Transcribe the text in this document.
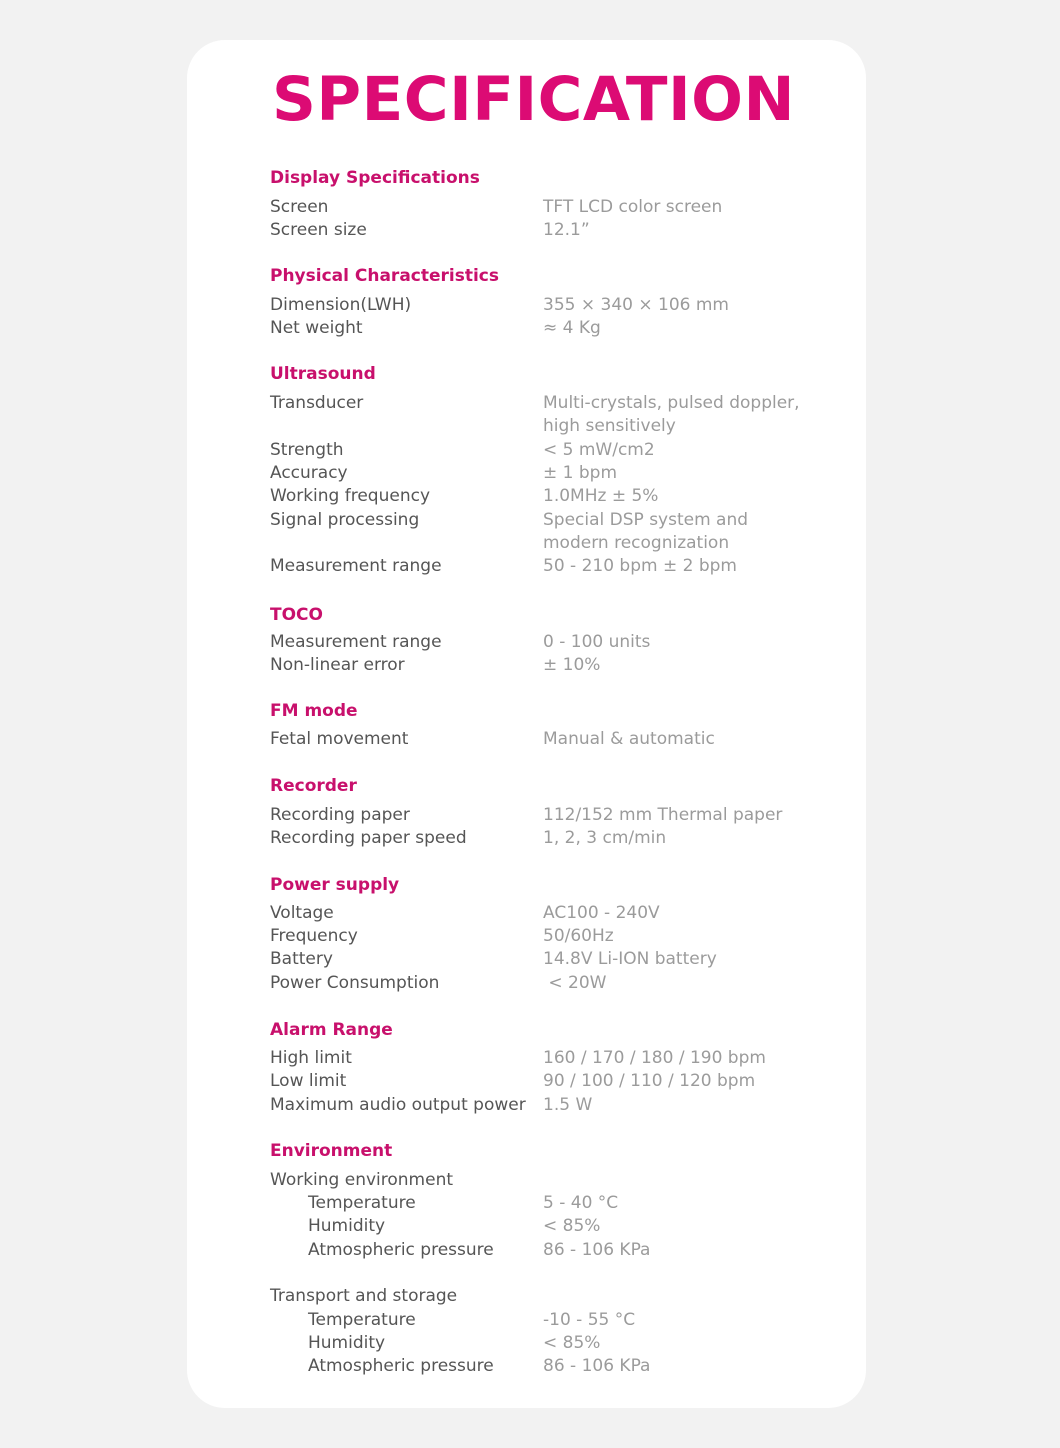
SPECIFICATION
Display Specifications
Screen	TFT LCD color screen
Screen size	12.1”
Physical Characteristics
Dimension(LWH)	355 × 340 × 106 mm
Net weight	≈ 4 Kg
Ultrasound
Transducer	Multi-crystals, pulsed doppler,
high sensitively
Strength	< 5 mW/cm2
Accuracy	± 1 bpm
Working frequency	1.0MHz ± 5%
Signal processing	Special DSP system and
modern recognization
Measurement range	50 - 210 bpm ± 2 bpm
TOCO
Measurement range	0 - 100 units
Non-linear error	± 10%
FM mode
Fetal movement	Manual & automatic
Recorder
Recording paper	112/152 mm Thermal paper
Recording paper speed	1, 2, 3 cm/min
Power supply
Voltage	AC100 - 240V
Frequency	50/60Hz
Battery	14.8V Li-ION battery
Power Consumption	< 20W
Alarm Range
High limit	160 / 170 / 180 / 190 bpm
Low limit	90 / 100 / 110 / 120 bpm
Maximum audio output power 1.5 W
Environment
Working environment
Temperature	5 - 40 °C
Humidity	< 85%
Atmospheric pressure	86 - 106 KPa
Transport and storage
Temperature	-10 - 55 °C
Humidity	< 85%
Atmospheric pressure	86 - 106 KPa
